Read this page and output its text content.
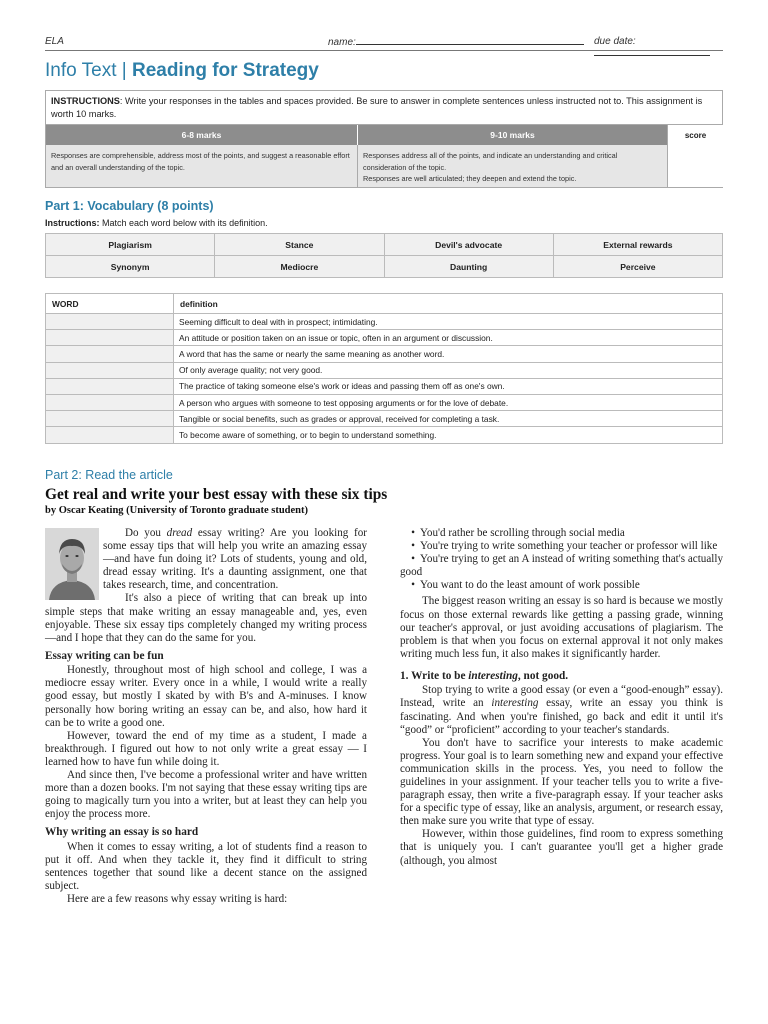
ELA	name:	due date:
Info Text | Reading for Strategy
INSTRUCTIONS: Write your responses in the tables and spaces provided. Be sure to answer in complete sentences unless instructed not to. This assignment is worth 10 marks.
6-8 marks	9-10 marks	score
Responses are comprehensible, address most of the points, and suggest a reasonable effort and an overall understanding of the topic.
Responses address all of the points, and indicate an understanding and critical consideration of the topic.
Responses are well articulated; they deepen and extend the topic.
Part 1: Vocabulary (8 points)
Instructions: Match each word below with its definition.
Plagiarism	Stance	Devil's advocate	External rewards
Synonym	Mediocre	Daunting	Perceive
WORD	definition
	Seeming difficult to deal with in prospect; intimidating.
	An attitude or position taken on an issue or topic, often in an argument or discussion.
	A word that has the same or nearly the same meaning as another word.
	Of only average quality; not very good.
	The practice of taking someone else's work or ideas and passing them off as one's own.
	A person who argues with someone to test opposing arguments or for the love of debate.
	Tangible or social benefits, such as grades or approval, received for completing a task.
	To become aware of something, or to begin to understand something.
Part 2: Read the article
Get real and write your best essay with these six tips
by Oscar Keating (University of Toronto graduate student)

Do you dread essay writing? Are you looking for some essay tips that will help you write an amazing essay—and have fun doing it? Lots of students, young and old, dread essay writing. It's a daunting assignment, one that takes research, time, and concentration.

It's also a piece of writing that can break up into simple steps that make writing an essay manageable and, yes, even enjoyable. These six essay tips completely changed my writing process—and I hope that they can do the same for you.

Essay writing can be fun

Honestly, throughout most of high school and college, I was a mediocre essay writer. Every once in a while, I would write a really good essay, but mostly I skated by with B's and A-minuses. I know personally how boring writing an essay can be, and also, how hard it can be to write a good one.

However, toward the end of my time as a student, I made a breakthrough. I figured out how to not only write a great essay — I learned how to have fun while doing it.

And since then, I've become a professional writer and have written more than a dozen books. I'm not saying that these essay writing tips are going to magically turn you into a writer, but at least they can help you enjoy the process more.

Why writing an essay is so hard

When it comes to essay writing, a lot of students find a reason to put it off. And when they tackle it, they find it difficult to string sentences together that sound like a decent stance on the assigned subject.

Here are a few reasons why essay writing is hard:

• You'd rather be scrolling through social media
• You're trying to write something your teacher or professor will like
• You're trying to get an A instead of writing something that's actually good
• You want to do the least amount of work possible

The biggest reason writing an essay is so hard is because we mostly focus on those external rewards like getting a passing grade, winning our teacher's approval, or just avoiding accusations of plagiarism. The problem is that when you focus on external approval it not only makes writing much less fun, it also makes it significantly harder.

1. Write to be interesting, not good.

Stop trying to write a good essay (or even a “good-enough” essay). Instead, write an interesting essay, write an essay you think is fascinating. And when you're finished, go back and edit it until it's “good” or “proficient” according to your teacher's standards.

You don't have to sacrifice your interests to make academic progress. Your goal is to learn something new and expand your effective communication skills in the process. Yes, you need to follow the guidelines in your assignment. If your teacher tells you to write a five-paragraph essay, then write a five-paragraph essay. If your teacher asks for a specific type of essay, like an analysis, argument, or research essay, then make sure you write that type of essay.

However, within those guidelines, find room to express something that is uniquely you. I can't guarantee you'll get a higher grade (although, you almost
